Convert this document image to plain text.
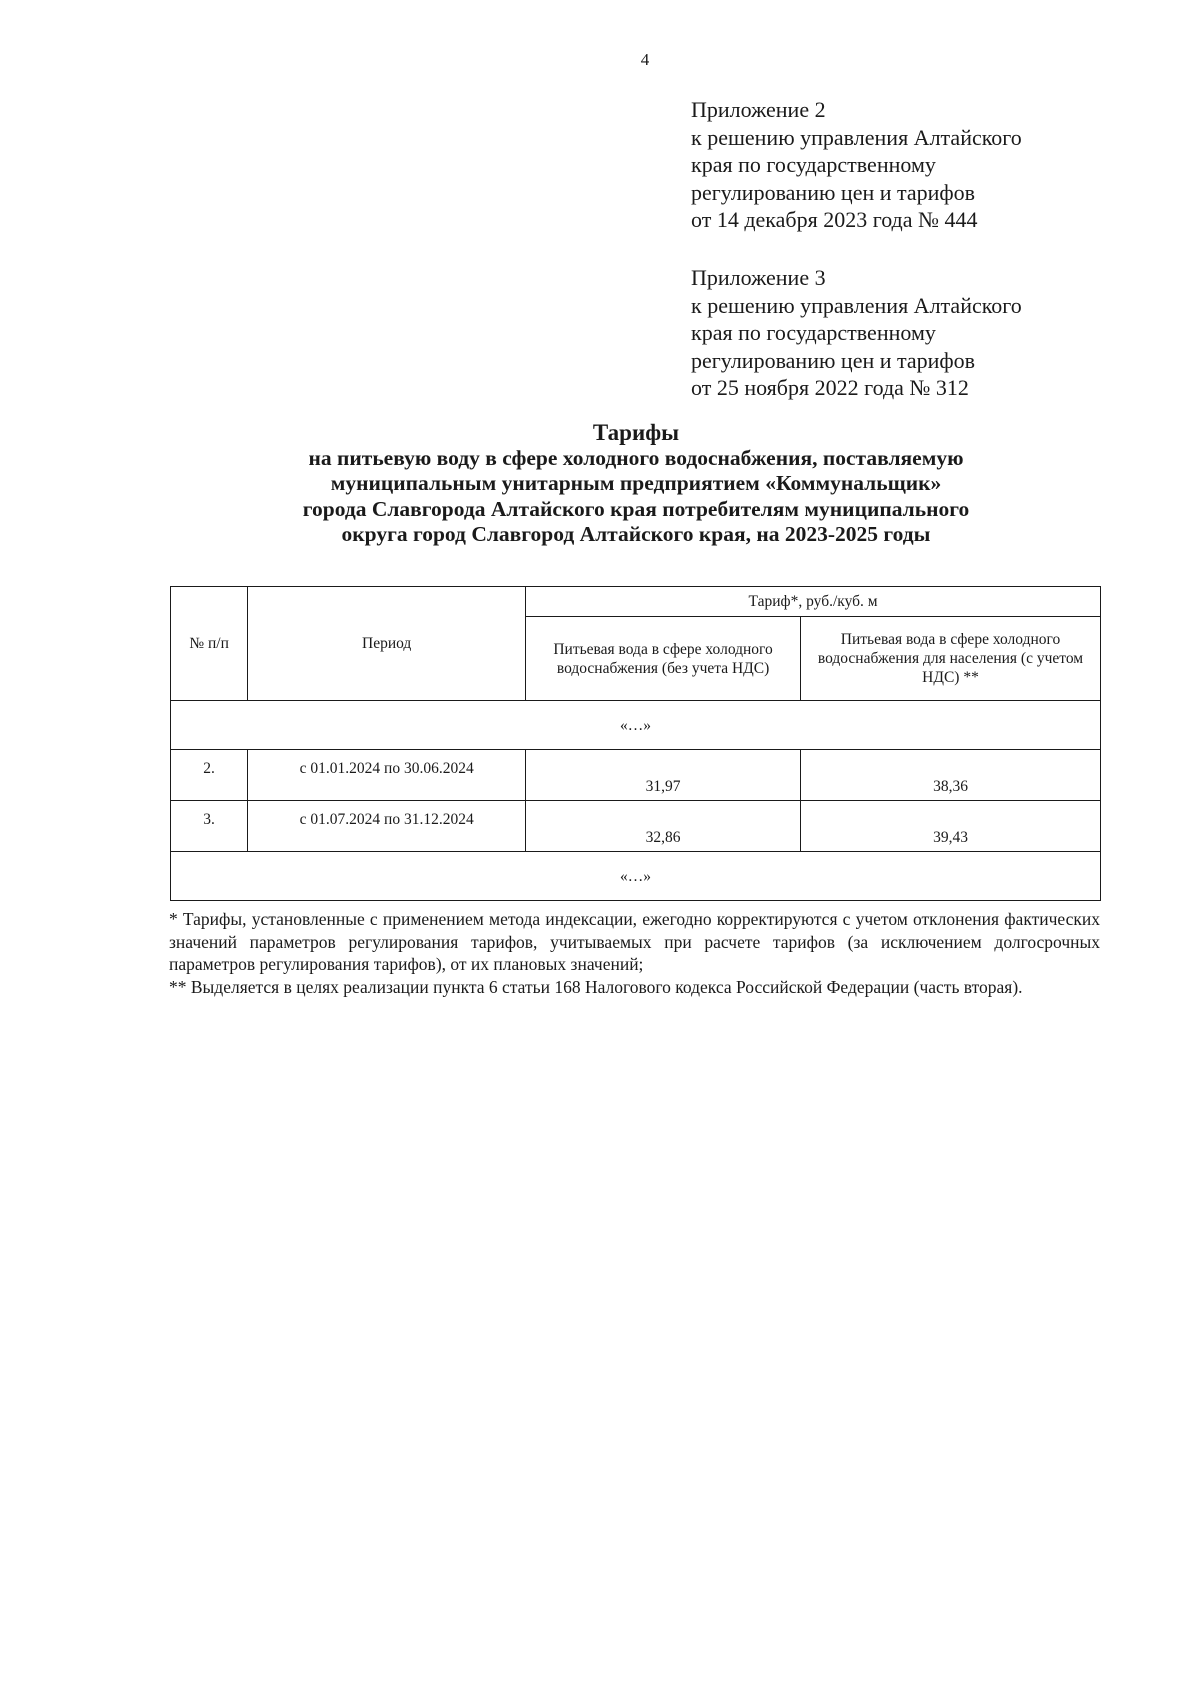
4
Приложение 2
к решению управления Алтайского
края по государственному
регулированию цен и тарифов
от 14 декабря 2023 года № 444
Приложение 3
к решению управления Алтайского
края по государственному
регулированию цен и тарифов
от 25 ноября 2022 года № 312
Тарифы
на питьевую воду в сфере холодного водоснабжения, поставляемую
муниципальным унитарным предприятием «Коммунальщик»
города Славгорода Алтайского края потребителям муниципального
округа город Славгород Алтайского края, на 2023-2025 годы
№ п/п	Период	Тариф*, руб./куб. м	
		Питьевая вода в сфере холодного водоснабжения (без учета НДС)	Питьевая вода в сфере холодного водоснабжения для населения (с учетом НДС) **
«…»			
2.	с 01.01.2024 по 30.06.2024	31,97	38,36
3.	с 01.07.2024 по 31.12.2024	32,86	39,43
«…»			

* Тарифы, установленные с применением метода индексации, ежегодно корректируются с учетом отклонения фактических значений параметров регулирования тарифов, учитываемых при расчете тарифов (за исключением долгосрочных параметров регулирования тарифов), от их плановых значений;

** Выделяется в целях реализации пункта 6 статьи 168 Налогового кодекса Российской Федерации (часть вторая).
